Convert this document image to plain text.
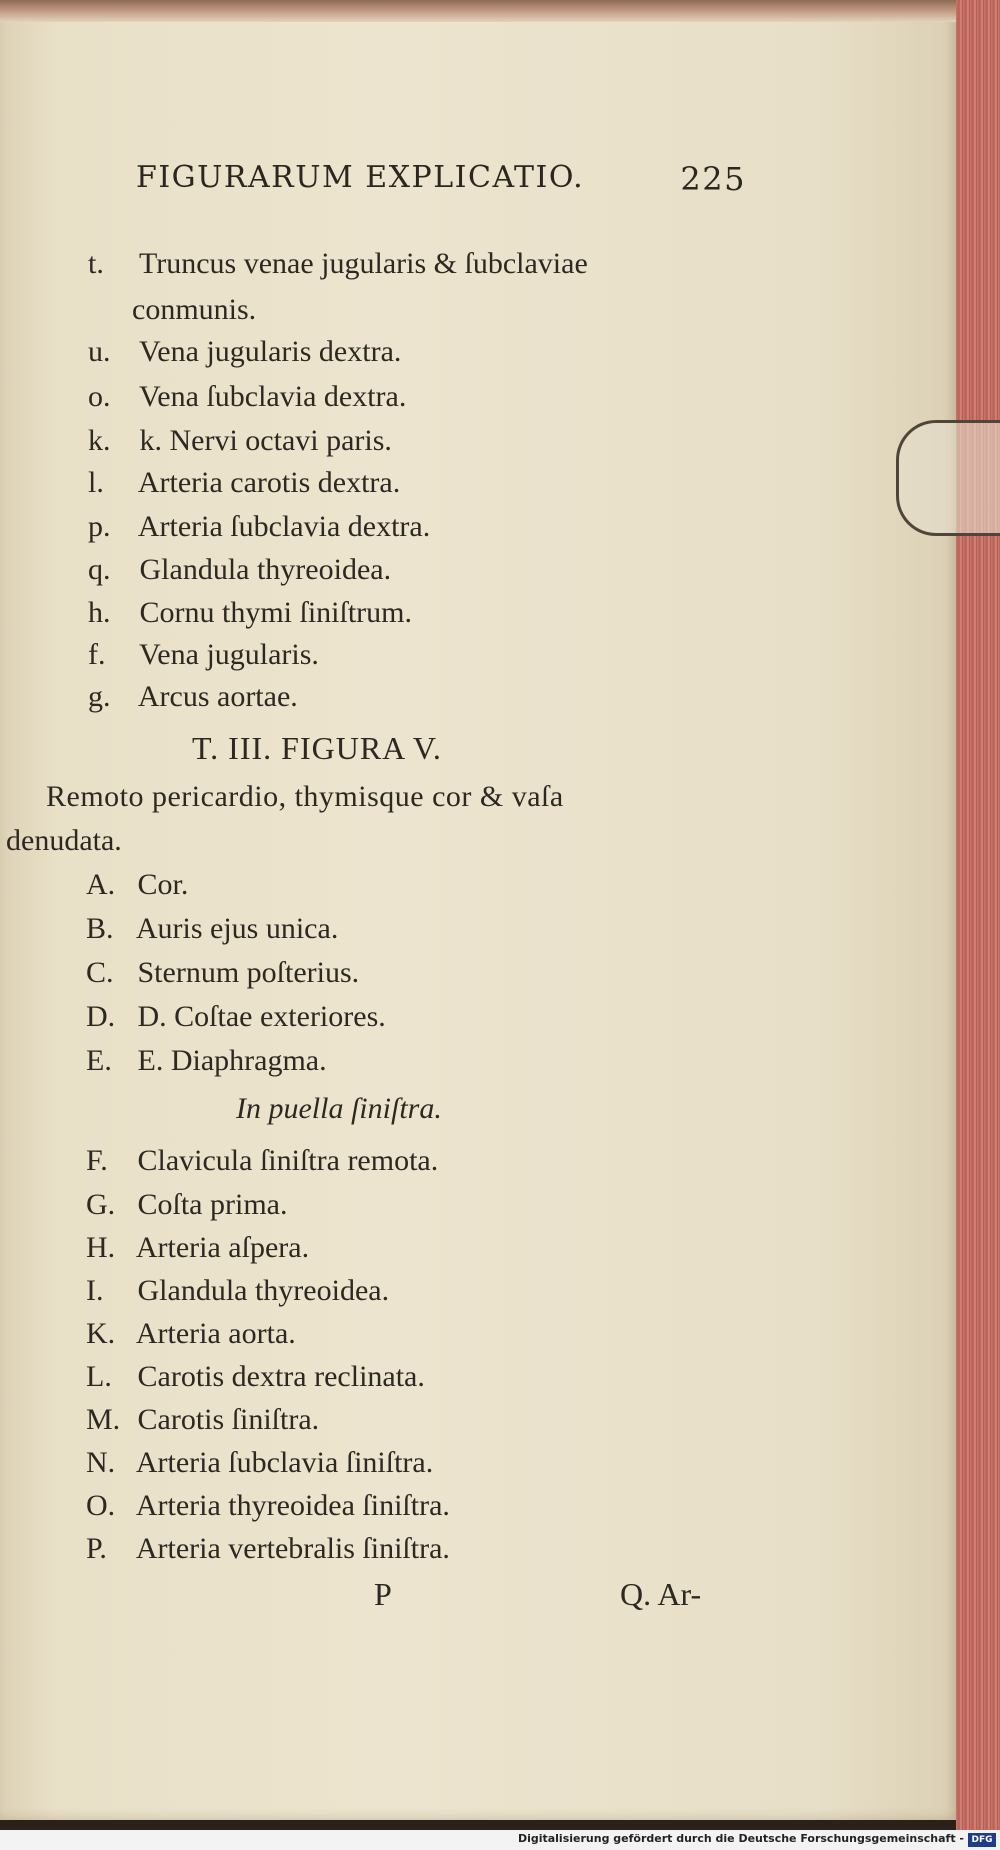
FIGURARUM EXPLICATIO.	225
t. Truncus venae jugularis & ſubclaviae
conmunis.
u. Vena jugularis dextra.
o. Vena ſubclavia dextra.
k. k. Nervi octavi paris.
l. Arteria carotis dextra.
p. Arteria ſubclavia dextra.
q. Glandula thyreoidea.
h. Cornu thymi ſiniſtrum.
f. Vena jugularis.
g. Arcus aortae.
T. III. FIGURA V.
Remoto pericardio, thymisque cor & vaſa
denudata.
A. Cor.
B. Auris ejus unica.
C. Sternum poſterius.
D. D. Coſtae exteriores.
E. E. Diaphragma.
In puella ſiniſtra.
F. Clavicula ſiniſtra remota.
G. Coſta prima.
H. Arteria aſpera.
I. Glandula thyreoidea.
K. Arteria aorta.
L. Carotis dextra reclinata.
M. Carotis ſiniſtra.
N. Arteria ſubclavia ſiniſtra.
O. Arteria thyreoidea ſiniſtra.
P. Arteria vertebralis ſiniſtra.
P	Q. Ar-
Digitalisierung gefördert durch die Deutsche Forschungsgemeinschaft - DFG
